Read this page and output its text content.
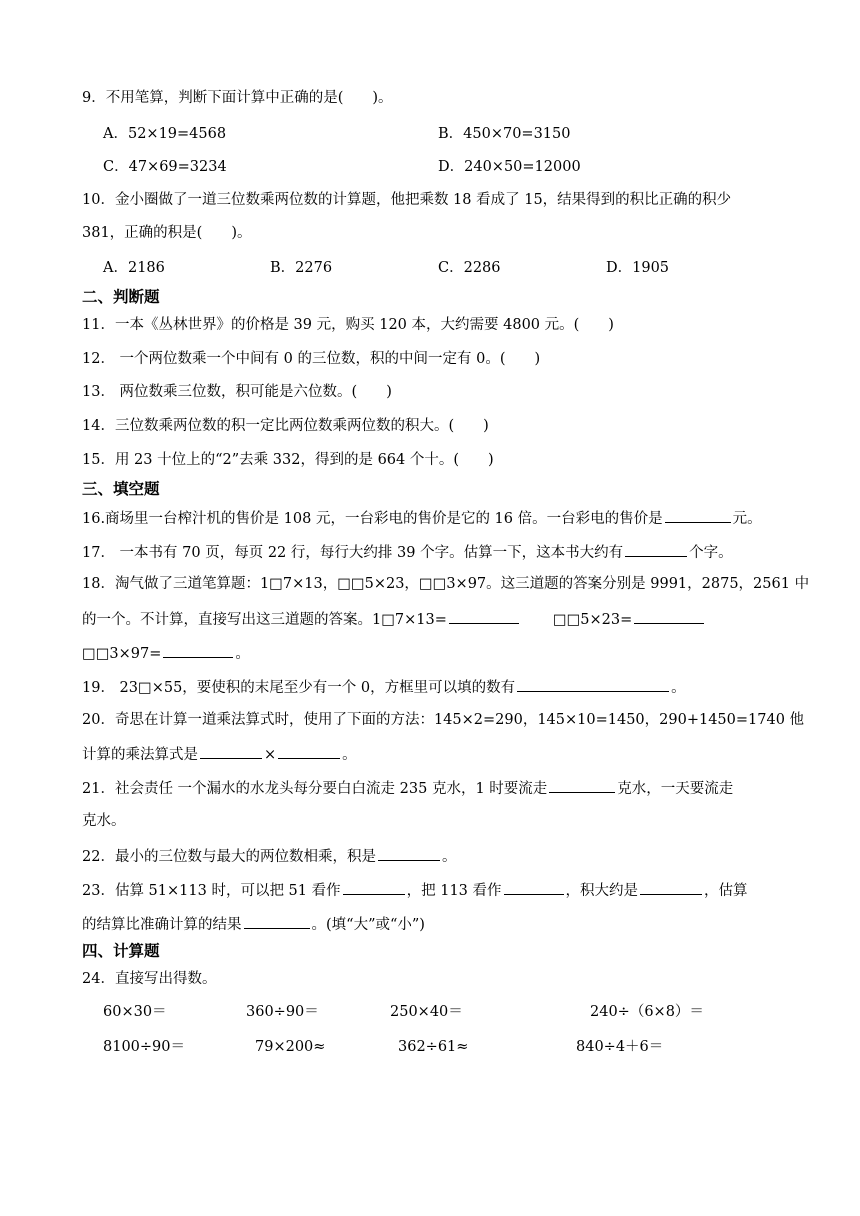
9．不用笔算，判断下面计算中正确的是(　　)。
A．52×19=4568	B．450×70=3150
C．47×69=3234	D．240×50=12000
10．金小圈做了一道三位数乘两位数的计算题，他把乘数 18 看成了 15，结果得到的积比正确的积少
381，正确的积是(　　)。
A．2186	B．2276	C．2286	D．1905
二、判断题
11．一本《丛林世界》的价格是 39 元，购买 120 本，大约需要 4800 元。(　　)
12． 一个两位数乘一个中间有 0 的三位数，积的中间一定有 0。(　　)
13． 两位数乘三位数，积可能是六位数。(　　)
14．三位数乘两位数的积一定比两位数乘两位数的积大。(　　)
15．用 23 十位上的“2”去乘 332，得到的是 664 个十。(　　)
三、填空题
16.商场里一台榨汁机的售价是 108 元，一台彩电的售价是它的 16 倍。一台彩电的售价是	元。
17． 一本书有 70 页，每页 22 行，每行大约排 39 个字。估算一下，这本书大约有	个字。
18．淘气做了三道笔算题：1□7×13，□□5×23，□□3×97。这三道题的答案分别是 9991，2875，2561 中
的一个。不计算，直接写出这三道题的答案。1□7×13=	□□5×23=
□□3×97=	。
19． 23□×55，要使积的末尾至少有一个 0，方框里可以填的数有	。
20．奇思在计算一道乘法算式时，使用了下面的方法：145×2=290，145×10=1450，290+1450=1740 他
计算的乘法算式是	×	。
21．社会责任 一个漏水的水龙头每分要白白流走 235 克水，1 时要流走	克水，一天要流走
克水。
22．最小的三位数与最大的两位数相乘，积是	。
23．估算 51×113 时，可以把 51 看作	，把 113 看作	，积大约是	，估算
的结算比准确计算的结果	。(填“大”或“小”)
四、计算题
24．直接写出得数。
60×30＝	360÷90＝	250×40＝	240÷（6×8）＝
8100÷90＝	79×200≈	362÷61≈	840÷4＋6＝
